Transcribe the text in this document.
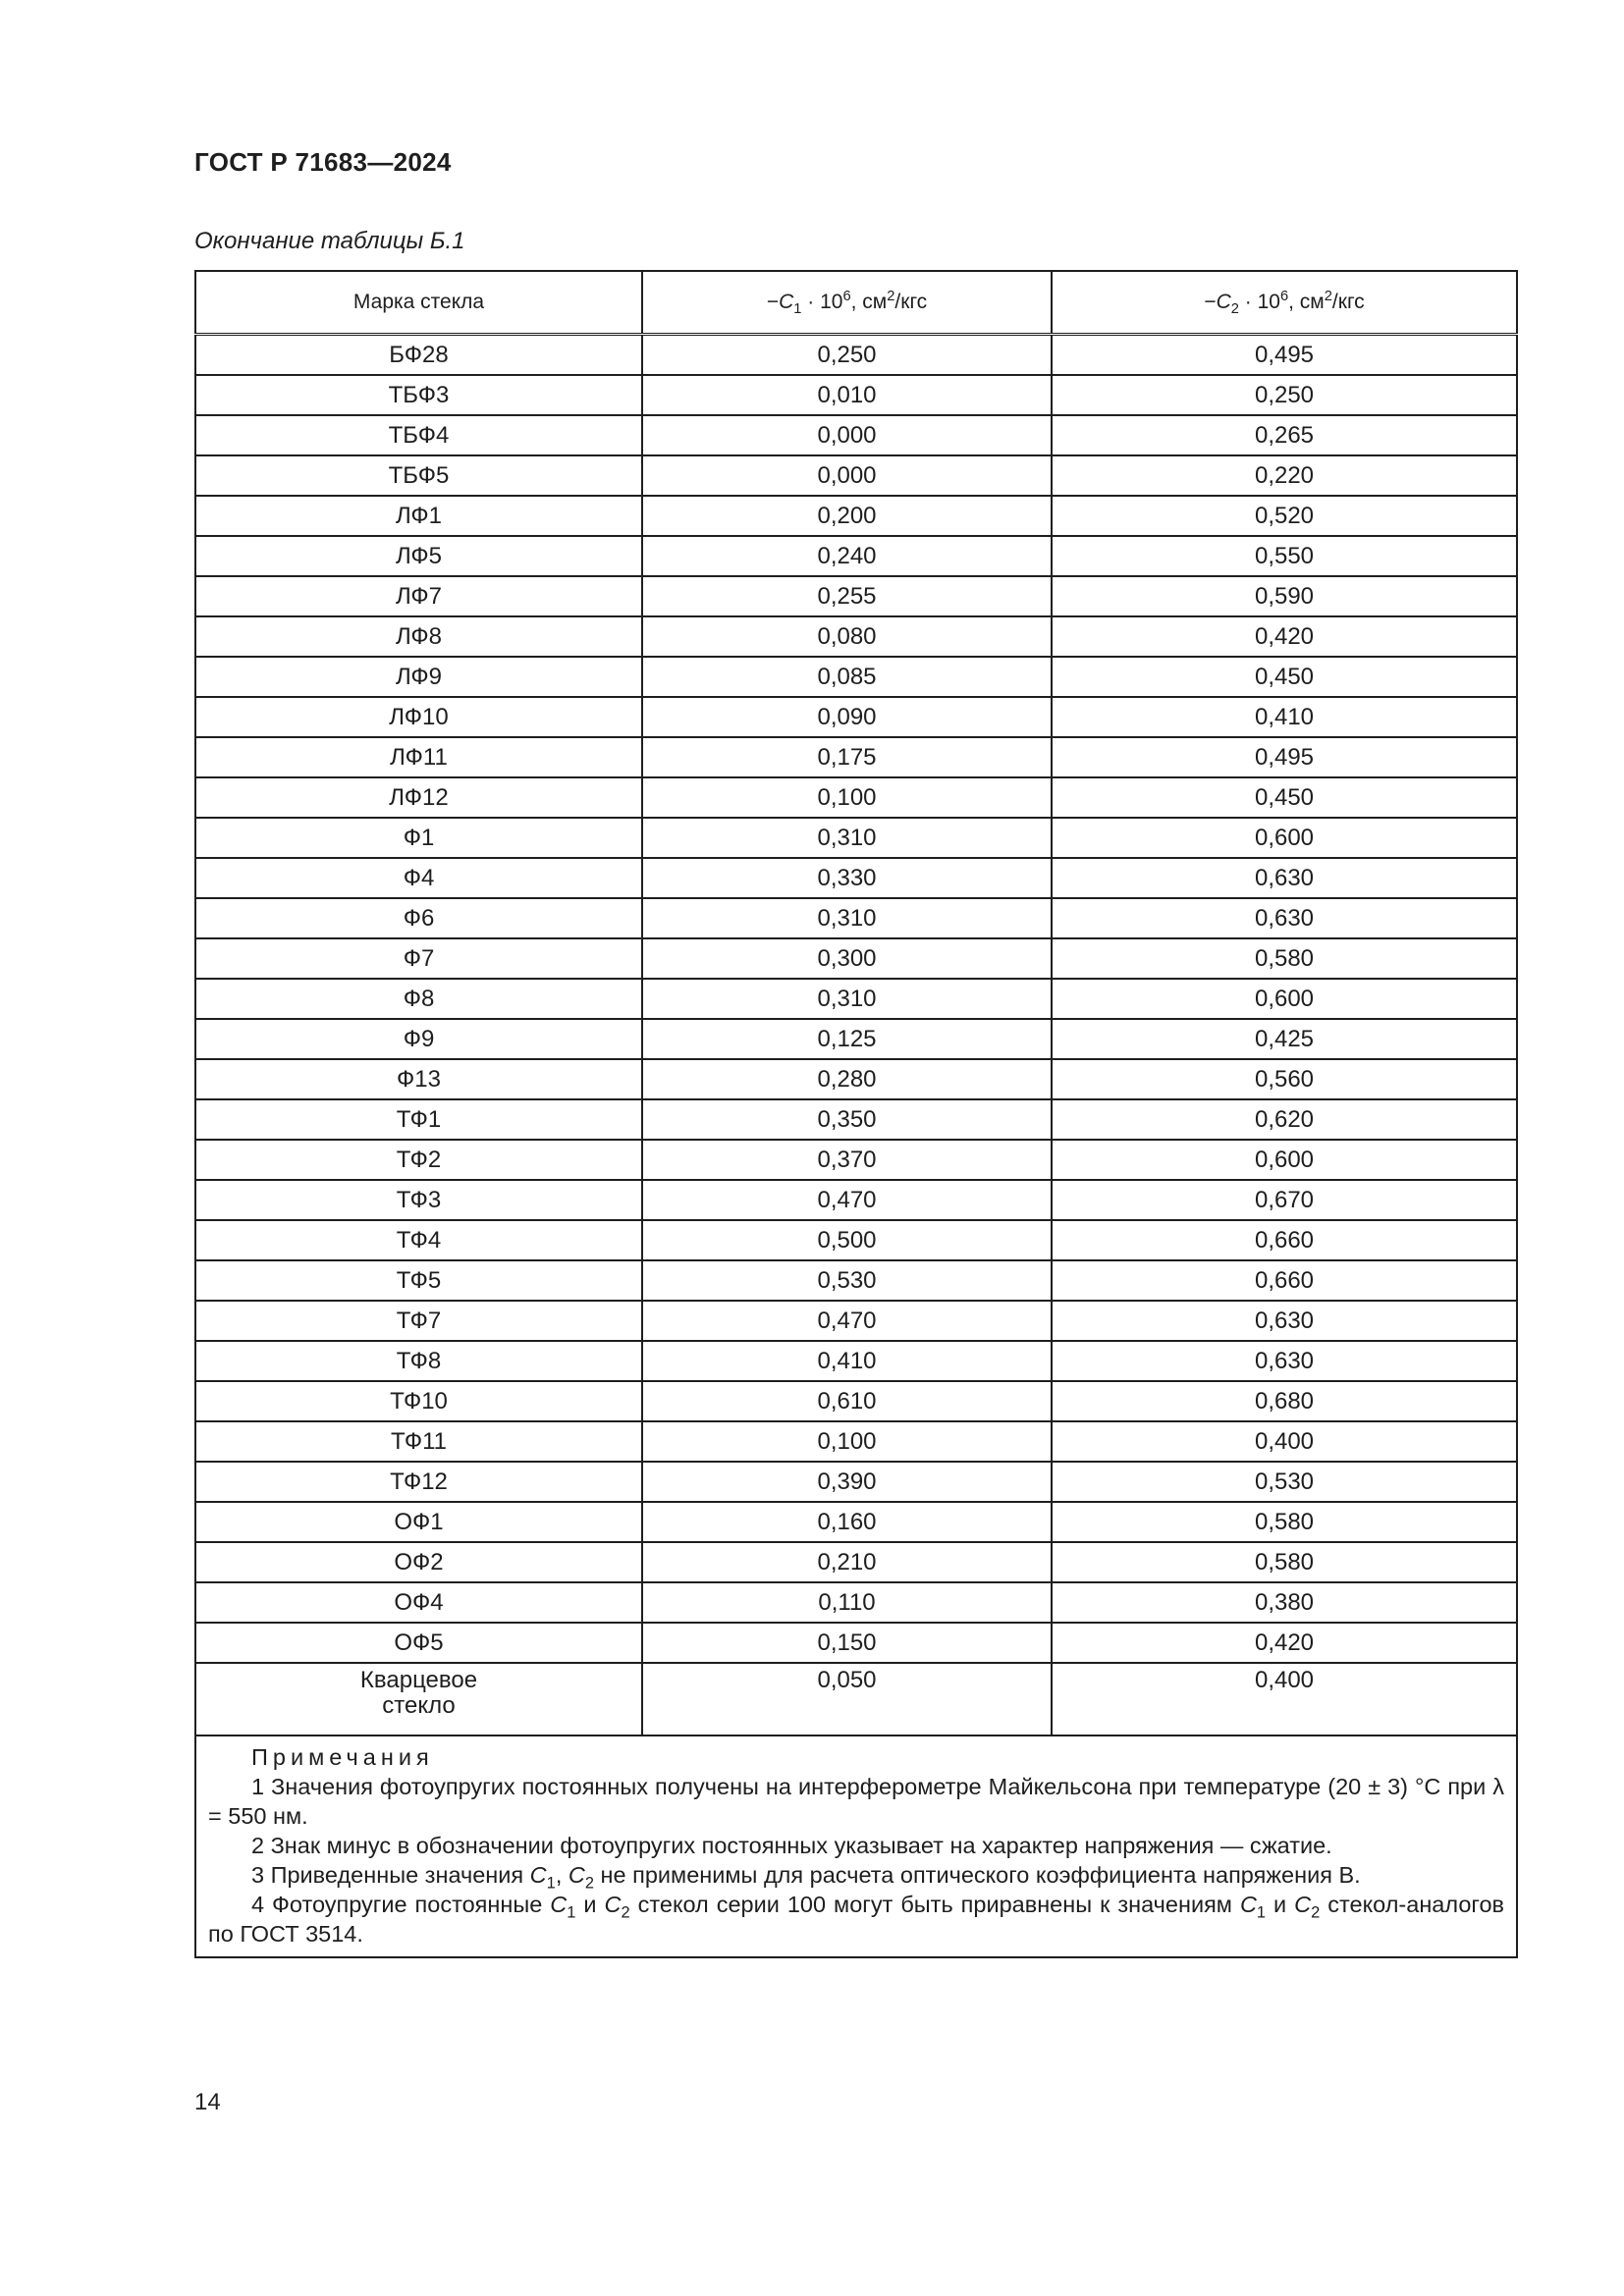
ГОСТ Р 71683—2024
Окончание таблицы Б.1
Марка стекла	$-C_1 \cdot 10^6$, $см^2$/кгс	$-C_2 \cdot 10^6$, $см^2$/кгс
БФ28	0,250	0,495
ТБФ3	0,010	0,250
ТБФ4	0,000	0,265
ТБФ5	0,000	0,220
ЛФ1	0,200	0,520
ЛФ5	0,240	0,550
ЛФ7	0,255	0,590
ЛФ8	0,080	0,420
ЛФ9	0,085	0,450
ЛФ10	0,090	0,410
ЛФ11	0,175	0,495
ЛФ12	0,100	0,450
Ф1	0,310	0,600
Ф4	0,330	0,630
Ф6	0,310	0,630
Ф7	0,300	0,580
Ф8	0,310	0,600
Ф9	0,125	0,425
Ф13	0,280	0,560
ТФ1	0,350	0,620
ТФ2	0,370	0,600
ТФ3	0,470	0,670
ТФ4	0,500	0,660
ТФ5	0,530	0,660
ТФ7	0,470	0,630
ТФ8	0,410	0,630
ТФ10	0,610	0,680
ТФ11	0,100	0,400
ТФ12	0,390	0,530
ОФ1	0,160	0,580
ОФ2	0,210	0,580
ОФ4	0,110	0,380
ОФ5	0,150	0,420
Кварцевое
стекло	0,050	0,400

Примечания
1 Значения фотоупругих постоянных получены на интерферометре Майкельсона при температуре (20 ± 3) °С при λ = 550 нм.
2 Знак минус в обозначении фотоупругих постоянных указывает на характер напряжения — сжатие.
3 Приведенные значения $C_1$, $C_2$ не применимы для расчета оптического коэффициента напряжения В.
4 Фотоупругие постоянные $C_1$ и $C_2$ стекол серии 100 могут быть приравнены к значениям $C_1$ и $C_2$ стекол-аналогов по ГОСТ 3514.		
14
